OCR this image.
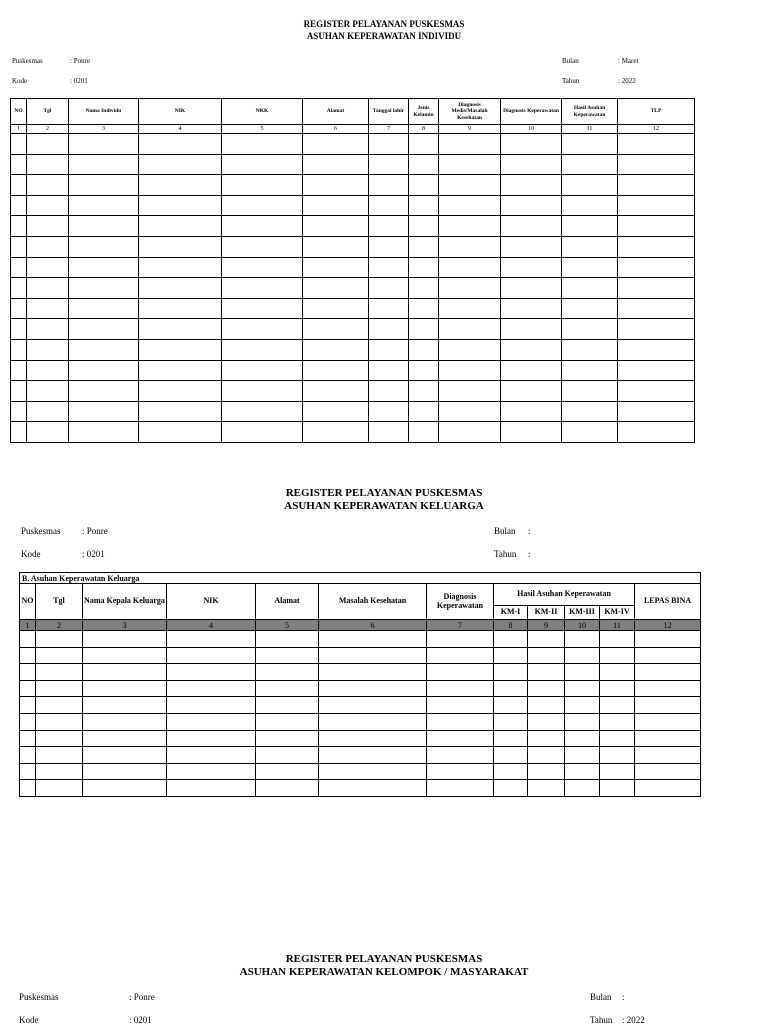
REGISTER PELAYANAN PUSKESMAS
ASUHAN KEPERAWATAN INDIVIDU
Puskesmas	: Ponre
Kode	: 0201
Bulan	: Maret
Tahun	: 2022
NO	Tgl	Nama Individu	NIK	NKK	Alamat	Tanggal lahir	Jenis Kelamin	Diagnosis Medis/Masalah Kesehatan	Diagnosis Keperawatan	Hasil Asuhan Keperawatan	TLP
1	2	3	4	5	6	7	8	9	10	11	12

REGISTER PELAYANAN PUSKESMAS
ASUHAN KEPERAWATAN KELUARGA
Puskesmas : Ponre
Kode	: 0201
Bulan :
Tahun :
B. Asuhan Keperawatan Keluarga											
NO	Tgl	Nama Kepala Keluarga	NIK	Alamat	Masalah Kesehatan	Diagnosis Keperawatan	Hasil Asuhan Keperawatan				LEPAS BINA
							KM-I	KM-II	KM-III	KM-IV	
1	2	3	4	5	6	7	8	9	10	11	12

REGISTER PELAYANAN PUSKESMAS
ASUHAN KEPERAWATAN KELOMPOK / MASYARAKAT
Puskesmas	: Ponre
Kode	: 0201
Bulan :
Tahun : 2022
